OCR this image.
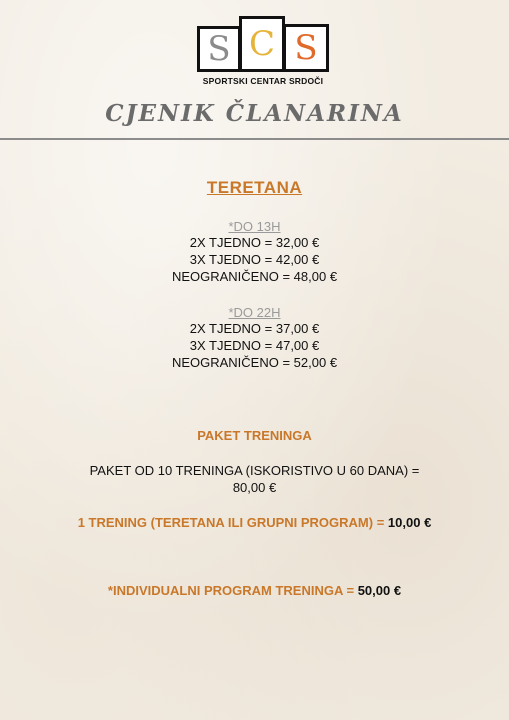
S C S
SPORTSKI CENTAR SRDOČI
CJENIK ČLANARINA
TERETANA
*DO 13H
2X TJEDNO = 32,00 €
3X TJEDNO = 42,00 €
NEOGRANIČENO = 48,00 €
*DO 22H
2X TJEDNO = 37,00 €
3X TJEDNO = 47,00 €
NEOGRANIČENO = 52,00 €
PAKET TRENINGA
PAKET OD 10 TRENINGA (ISKORISTIVO U 60 DANA) =
80,00 €
1 TRENING (TERETANA ILI GRUPNI PROGRAM) = 10,00 €
*INDIVIDUALNI PROGRAM TRENINGA = 50,00 €
